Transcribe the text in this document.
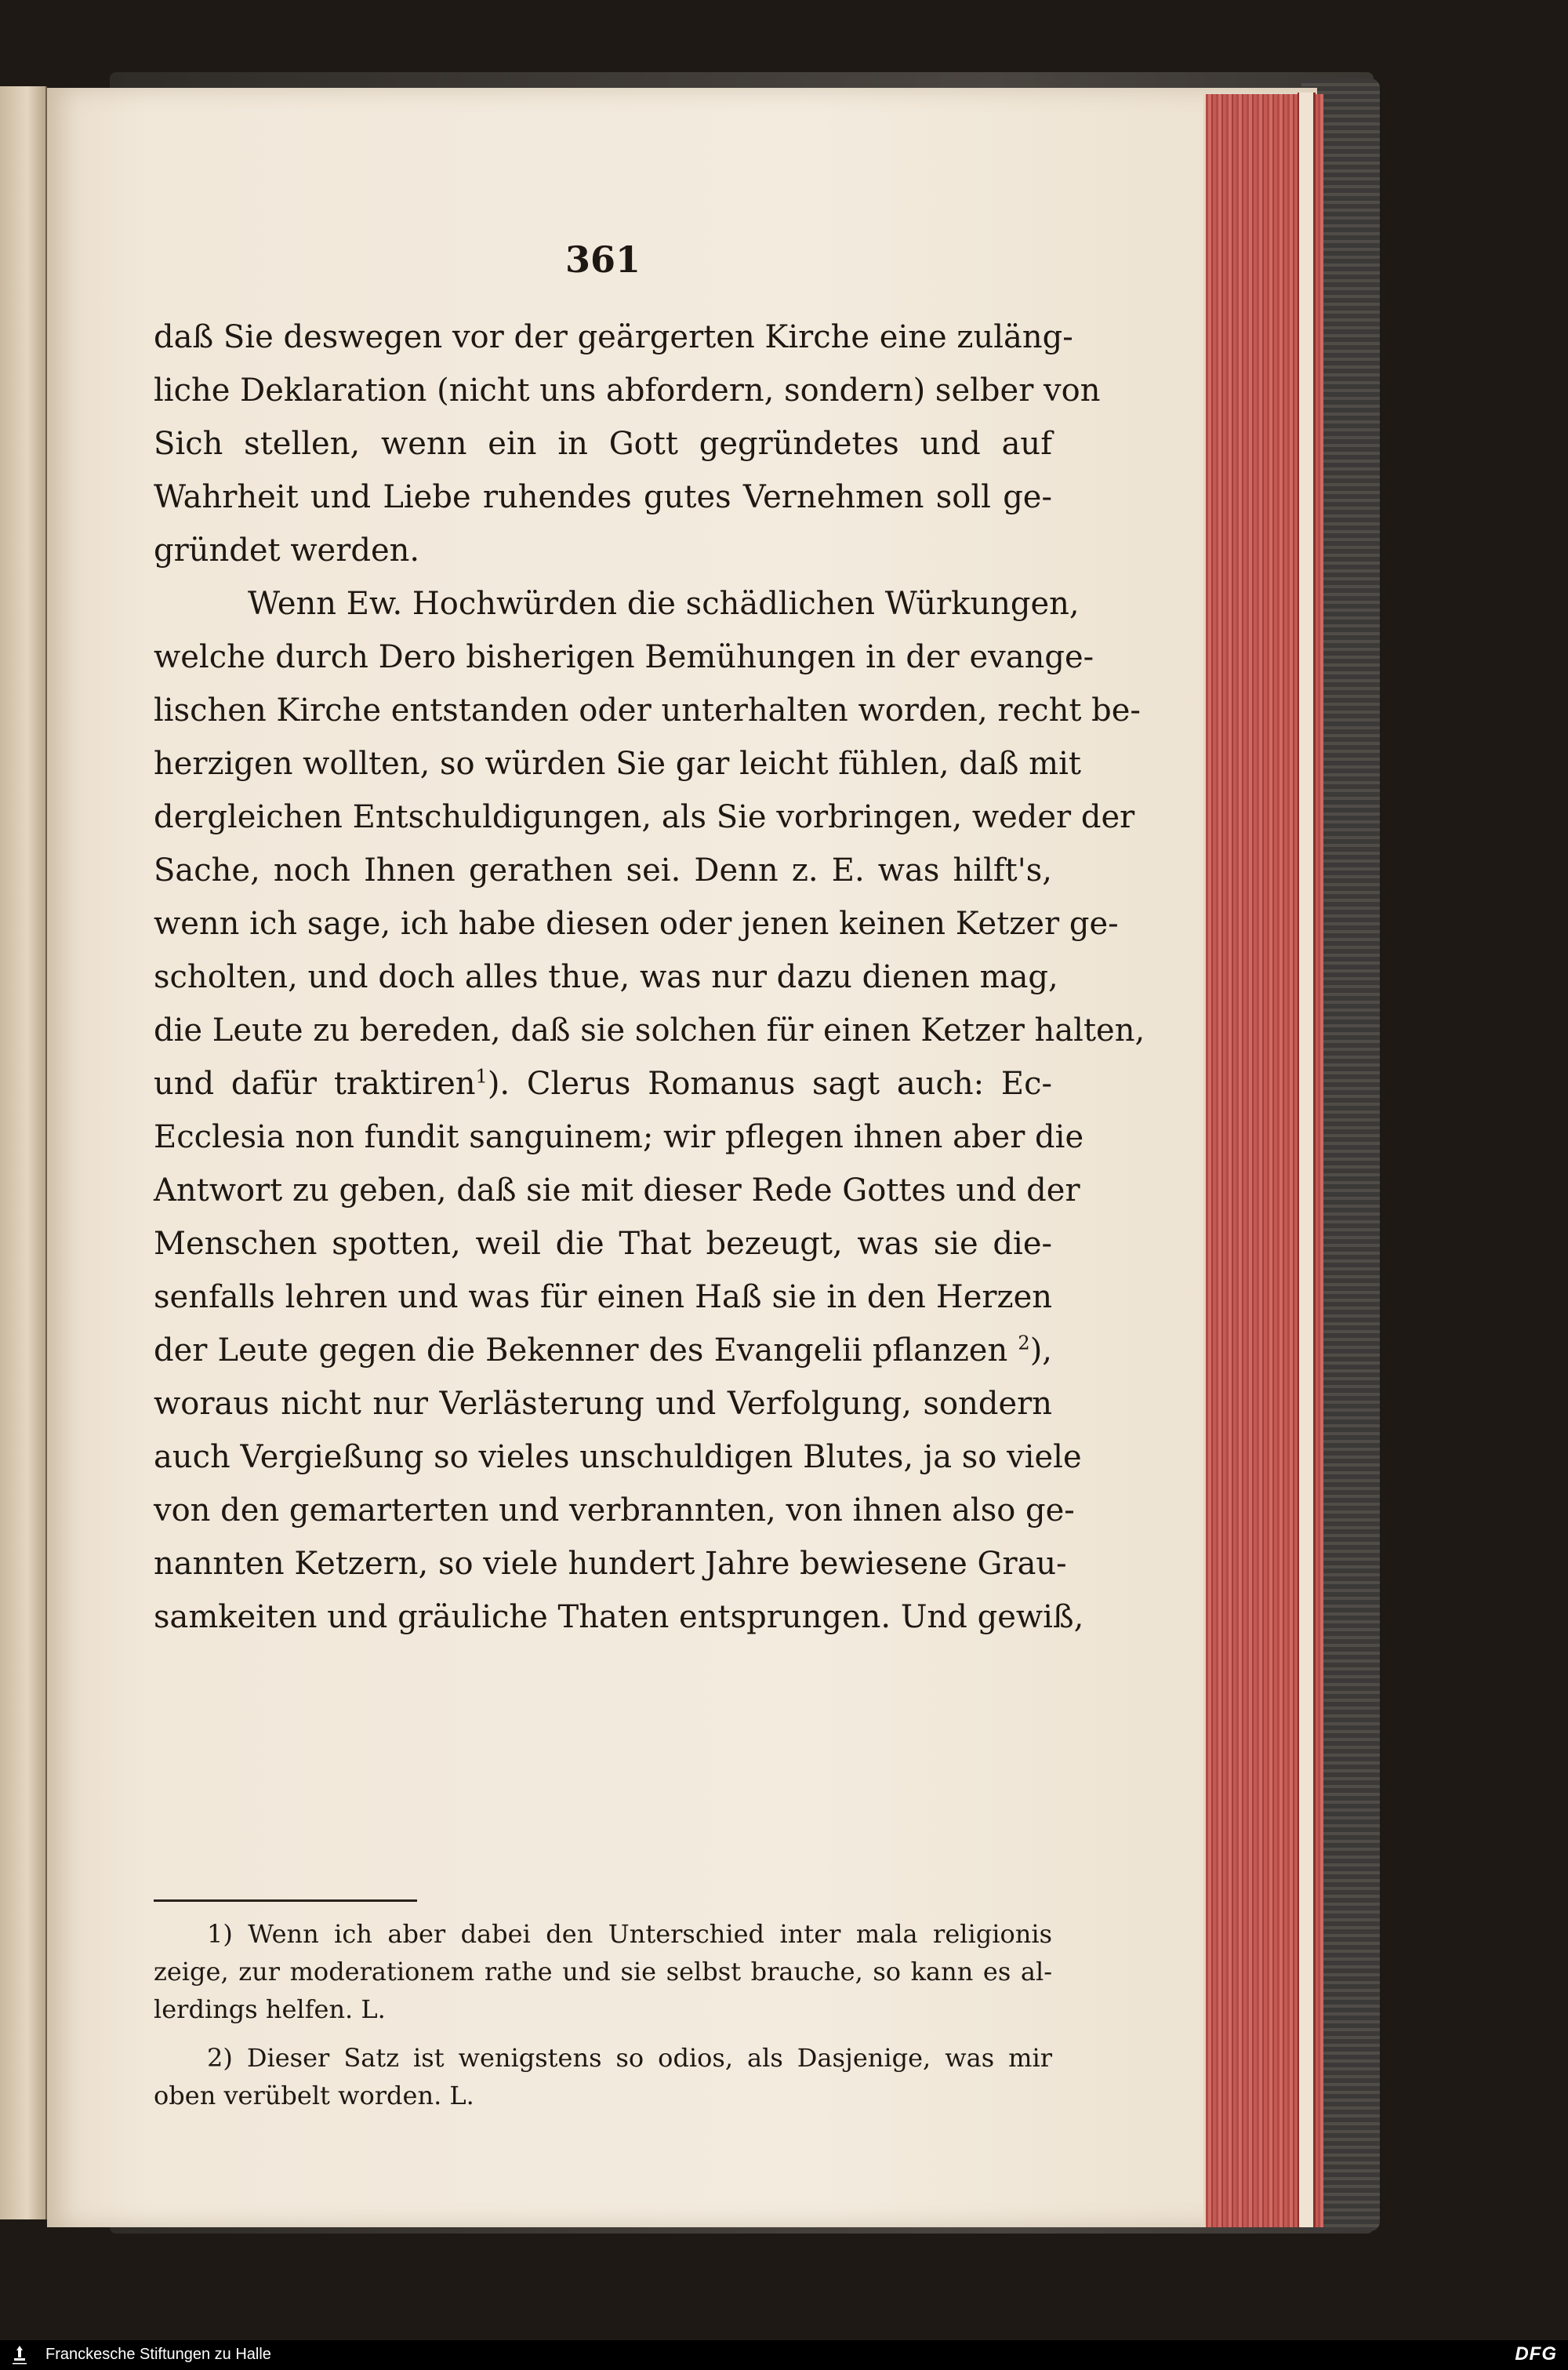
361
daß Sie deswegen vor der geärgerten Kirche eine zuläng-
liche Deklaration (nicht uns abfordern, sondern) selber von
Sich stellen, wenn ein in Gott gegründetes und auf
Wahrheit und Liebe ruhendes gutes Vernehmen soll ge-
gründet werden.
Wenn Ew. Hochwürden die schädlichen Würkungen,
welche durch Dero bisherigen Bemühungen in der evange-
lischen Kirche entstanden oder unterhalten worden, recht be-
herzigen wollten, so würden Sie gar leicht fühlen, daß mit
dergleichen Entschuldigungen, als Sie vorbringen, weder der
Sache, noch Ihnen gerathen sei. Denn z. E. was hilft's,
wenn ich sage, ich habe diesen oder jenen keinen Ketzer ge-
scholten, und doch alles thue, was nur dazu dienen mag,
die Leute zu bereden, daß sie solchen für einen Ketzer halten,
und dafür traktiren$^1$). Clerus Romanus sagt auch: Ec-
Ecclesia non fundit sanguinem; wir pflegen ihnen aber die
Antwort zu geben, daß sie mit dieser Rede Gottes und der
Menschen spotten, weil die That bezeugt, was sie die-
senfalls lehren und was für einen Haß sie in den Herzen
der Leute gegen die Bekenner des Evangelii pflanzen $^2$),
woraus nicht nur Verlästerung und Verfolgung, sondern
auch Vergießung so vieles unschuldigen Blutes, ja so viele
von den gemarterten und verbrannten, von ihnen also ge-
nannten Ketzern, so viele hundert Jahre bewiesene Grau-
samkeiten und gräuliche Thaten entsprungen. Und gewiß,
1) Wenn ich aber dabei den Unterschied inter mala religionis
zeige, zur moderationem rathe und sie selbst brauche, so kann es al-
lerdings helfen. L.
2) Dieser Satz ist wenigstens so odios, als Dasjenige, was mir
oben verübelt worden. L.
Franckesche Stiftungen zu Halle	DFG
